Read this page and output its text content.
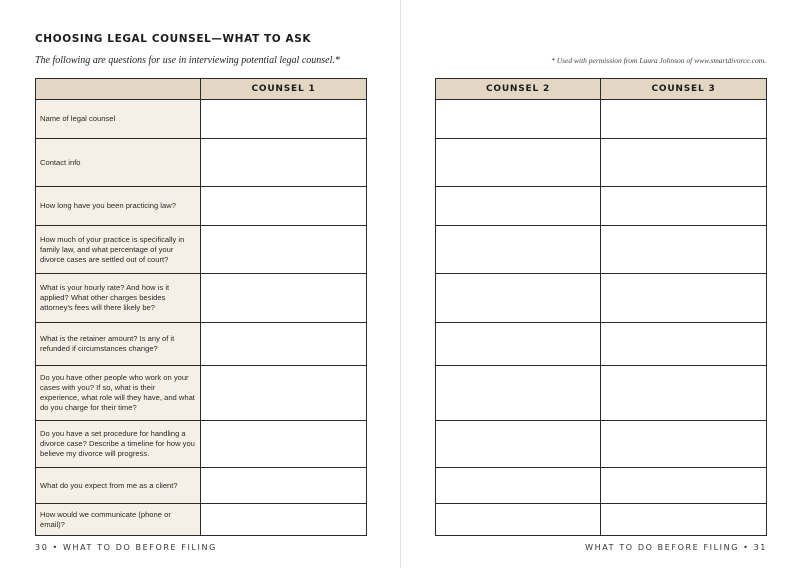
CHOOSING LEGAL COUNSEL—WHAT TO ASK
The following are questions for use in interviewing potential legal counsel.*	* Used with permission from Laura Johnson of www.smartdivorce.com.
	COUNSEL 1
Name of legal counsel	
Contact info	
How long have you been practicing law?	
How much of your practice is specifically in family law, and what percentage of your divorce cases are settled out of court?	
What is your hourly rate? And how is it applied? What other charges besides attorney's fees will there likely be?	
What is the retainer amount? Is any of it refunded if circumstances change?	
Do you have other people who work on your cases with you? If so, what is their experience, what role will they have, and what do you charge for their time?	
Do you have a set procedure for handling a divorce case? Describe a timeline for how you believe my divorce will progress.	
What do you expect from me as a client?	
How would we communicate (phone or email)?	
COUNSEL 2	COUNSEL 3

30 • WHAT TO DO BEFORE FILING	WHAT TO DO BEFORE FILING • 31
